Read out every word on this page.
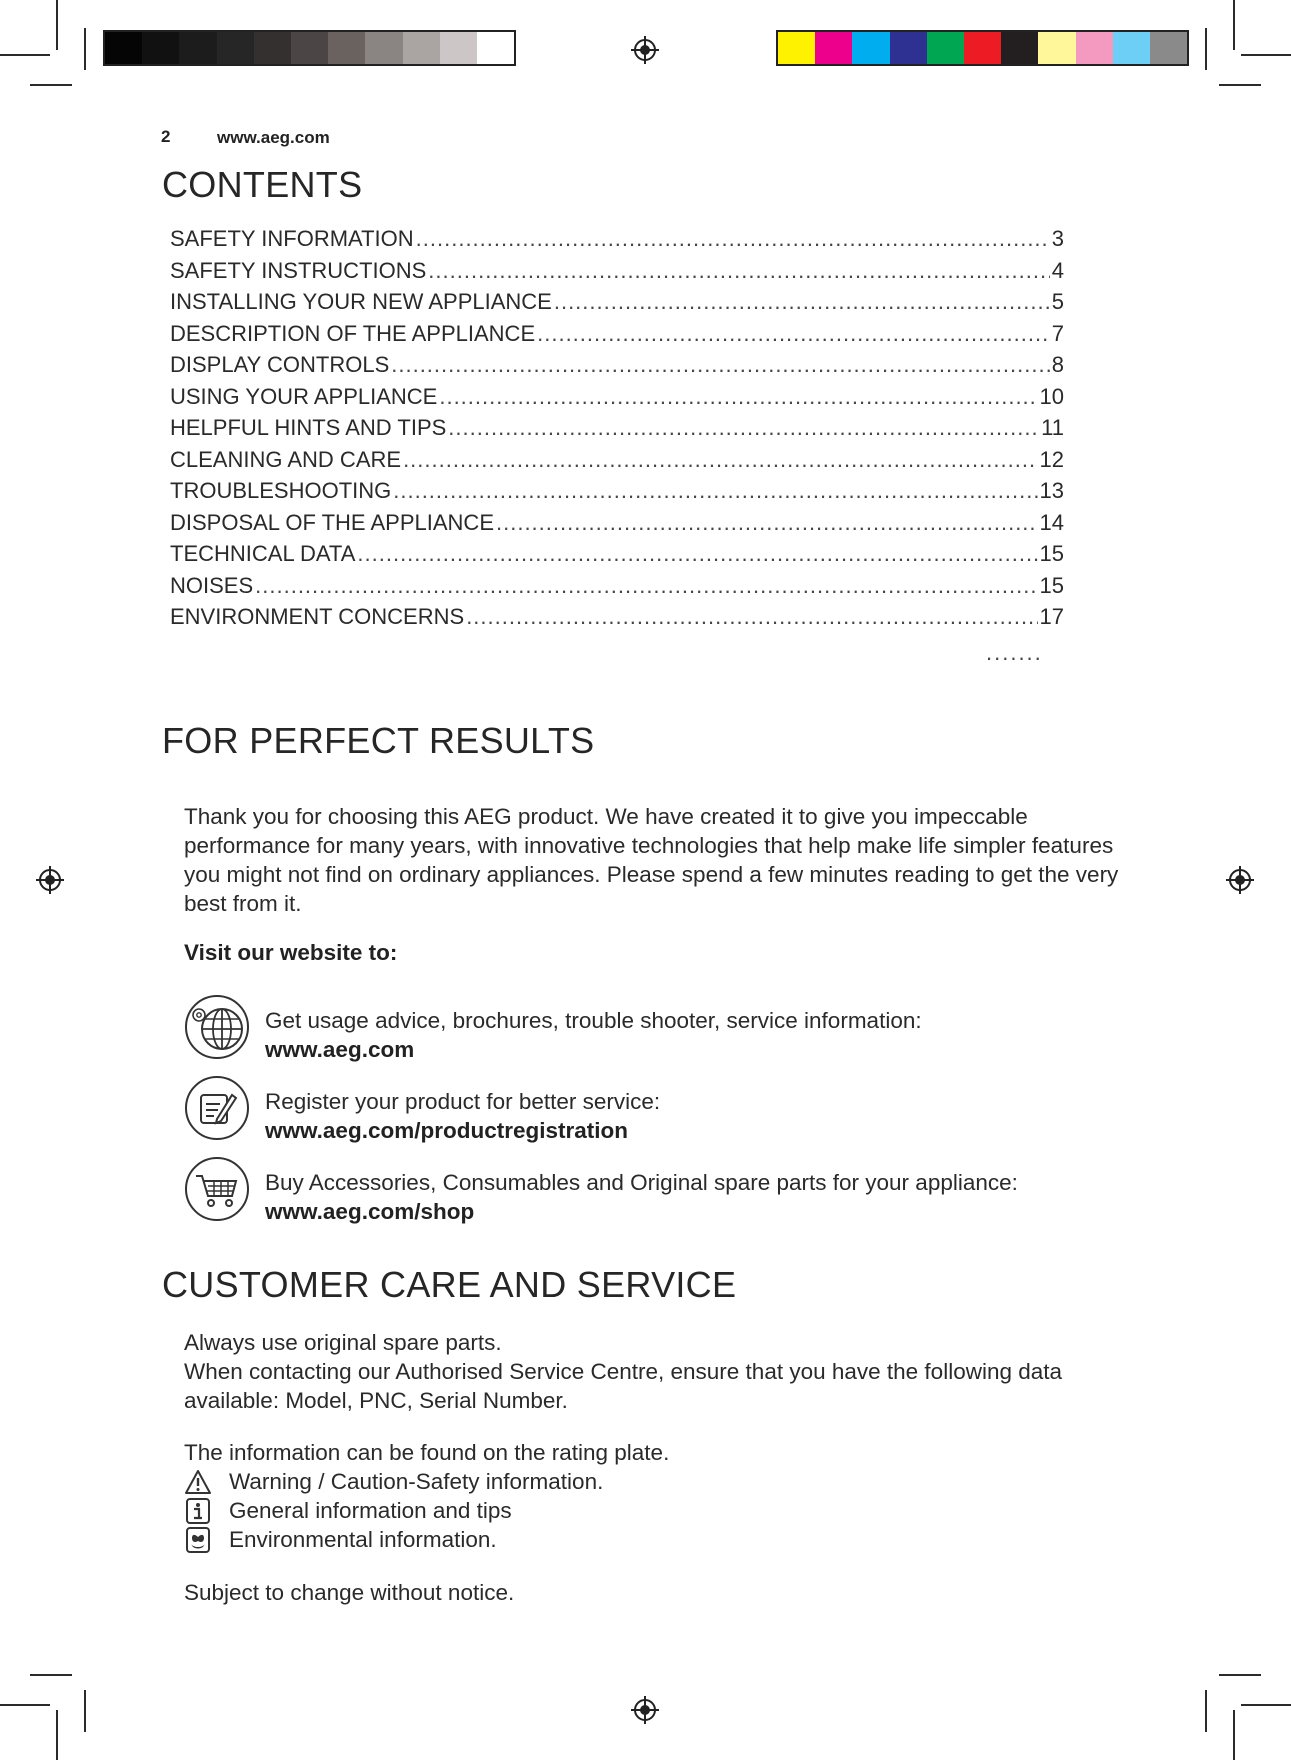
2	www.aeg.com
CONTENTS
SAFETY INFORMATION .....	3
SAFETY INSTRUCTIONS .....	4
INSTALLING YOUR NEW APPLIANCE .....	5
DESCRIPTION OF THE APPLIANCE .....	7
DISPLAY CONTROLS .....	8
USING YOUR APPLIANCE .....	10
HELPFUL HINTS AND TIPS .....	11
CLEANING AND CARE .....	12
TROUBLESHOOTING .....	13
DISPOSAL OF THE APPLIANCE .....	14
TECHNICAL DATA .....	15
NOISES .....	15
ENVIRONMENT CONCERNS .....	17
.......
FOR PERFECT RESULTS

Thank you for choosing this AEG product. We have created it to give you impeccable performance for many years, with innovative technologies that help make life simpler features you might not find on ordinary appliances. Please spend a few minutes reading to get the very best from it.

Visit our website to:

Get usage advice, brochures, trouble shooter, service information:
www.aeg.com
Register your product for better service:
www.aeg.com/productregistration
Buy Accessories, Consumables and Original spare parts for your appliance:
www.aeg.com/shop
CUSTOMER CARE AND SERVICE

Always use original spare parts.

When contacting our Authorised Service Centre, ensure that you have the following data

available: Model, PNC, Serial Number.

The information can be found on the rating plate.

Warning / Caution-Safety information.
General information and tips
Environmental information.

Subject to change without notice.
